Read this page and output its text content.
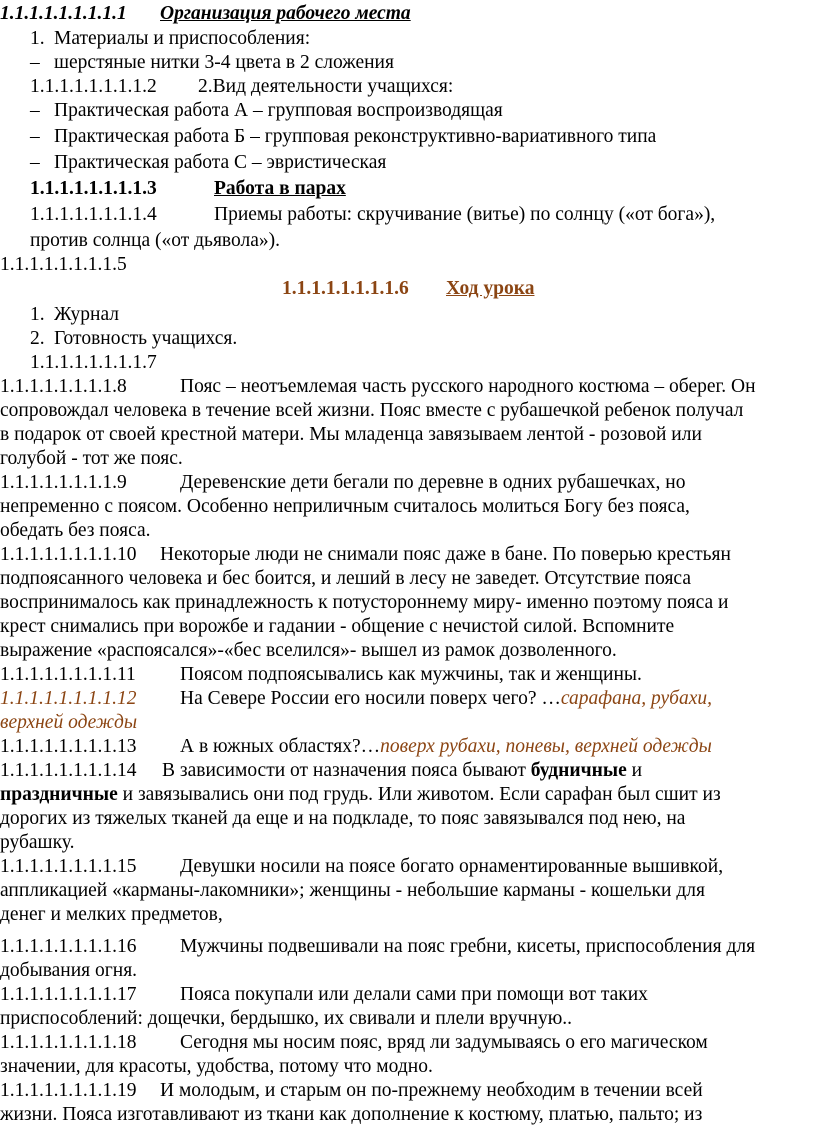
1.1.1.1.1.1.1.1.1 Организация рабочего места
1. Материалы и приспособления:
– шерстяные нитки 3-4 цвета в 2 сложения
1.1.1.1.1.1.1.1.2 2.Вид деятельности учащихся:
– Практическая работа А – групповая воспроизводящая
– Практическая работа Б – групповая реконструктивно-вариативного типа
– Практическая работа С – эвристическая
1.1.1.1.1.1.1.1.3	Работа в парах
1.1.1.1.1.1.1.1.4	Приемы работы: скручивание (витье) по солнцу («от бога»),
против солнца («от дьявола»).
1.1.1.1.1.1.1.1.5
1.1.1.1.1.1.1.1.6 Ход урока
1. Журнал
2. Готовность учащихся.
1.1.1.1.1.1.1.1.7
1.1.1.1.1.1.1.1.8	Пояс – неотъемлемая часть русского народного костюма – оберег. Он
сопровождал человека в течение всей жизни. Пояс вместе с рубашечкой ребенок получал
в подарок от своей крестной матери. Мы младенца завязываем лентой - розовой или
голубой - тот же пояс.
1.1.1.1.1.1.1.1.9	Деревенские дети бегали по деревне в одних рубашечках, но
непременно с поясом. Особенно неприличным считалось молиться Богу без пояса,
обедать без пояса.
1.1.1.1.1.1.1.1.10 Некоторые люди не снимали пояс даже в бане. По поверью крестьян
подпоясанного человека и бес боится, и леший в лесу не заведет. Отсутствие пояса
воспринималось как принадлежность к потустороннему миру- именно поэтому пояса и
крест снимались при ворожбе и гадании - общение с нечистой силой. Вспомните
выражение «распоясался»-«бес вселился»- вышел из рамок дозволенного.
1.1.1.1.1.1.1.1.11 Поясом подпоясывались как мужчины, так и женщины.
1.1.1.1.1.1.1.1.12 На Севере России его носили поверх чего? …сарафана, рубахи,
верхней одежды
1.1.1.1.1.1.1.1.13 А в южных областях?…поверх рубахи, поневы, верхней одежды
1.1.1.1.1.1.1.1.14 В зависимости от назначения пояса бывают будничные и
праздничные и завязывались они под грудь. Или животом. Если сарафан был сшит из
дорогих из тяжелых тканей да еще и на подкладе, то пояс завязывался под нею, на
рубашку.
1.1.1.1.1.1.1.1.15 Девушки носили на поясе богато орнаментированные вышивкой,
аппликацией «карманы-лакомники»; женщины - небольшие карманы - кошельки для
денег и мелких предметов,
1.1.1.1.1.1.1.1.16 Мужчины подвешивали на пояс гребни, кисеты, приспособления для
добывания огня.
1.1.1.1.1.1.1.1.17 Пояса покупали или делали сами при помощи вот таких
приспособлений: дощечки, бердышко, их свивали и плели вручную..
1.1.1.1.1.1.1.1.18 Сегодня мы носим пояс, вряд ли задумываясь о его магическом
значении, для красоты, удобства, потому что модно.
1.1.1.1.1.1.1.1.19 И молодым, и старым он по-прежнему необходим в течении всей
жизни. Пояса изготавливают из ткани как дополнение к костюму, платью, пальто; из
